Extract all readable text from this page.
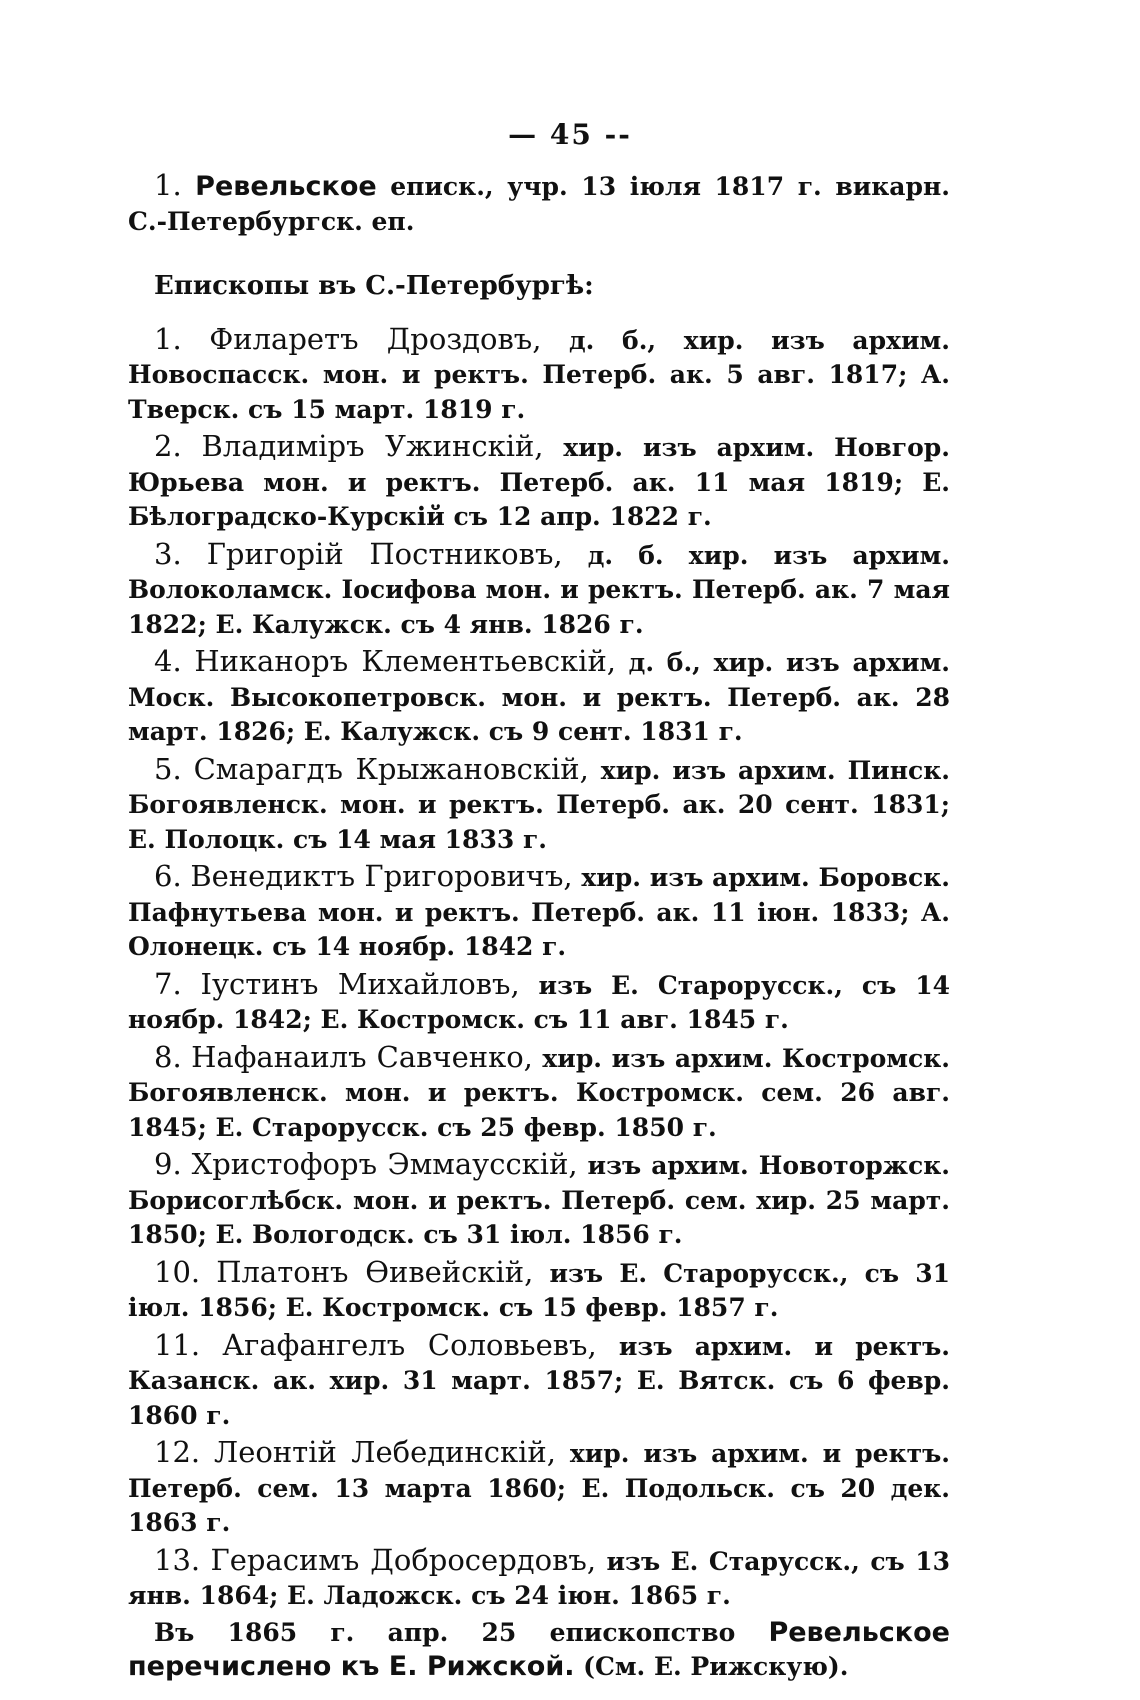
— 45 --

1. Ревельское еписк., учр. 13 іюля 1817 г. викарн. С.-Петербургск. еп.

Епископы въ С.-Петербургѣ:

1. Филаретъ Дроздовъ, д. б., хир. изъ архим. Новоспасск. мон. и ректъ. Петерб. ак. 5 авг. 1817; А. Тверск. съ 15 март. 1819 г.

2. Владиміръ Ужинскій, хир. изъ архим. Новгор. Юрьева мон. и ректъ. Петерб. ак. 11 мая 1819; Е. Бѣлоградско-Курскій съ 12 апр. 1822 г.

3. Григорій Постниковъ, д. б. хир. изъ архим. Волоколамск. Іосифова мон. и ректъ. Петерб. ак. 7 мая 1822; Е. Калужск. съ 4 янв. 1826 г.

4. Никаноръ Клементьевскій, д. б., хир. изъ архим. Моск. Высокопетровск. мон. и ректъ. Петерб. ак. 28 март. 1826; Е. Калужск. съ 9 сент. 1831 г.

5. Смарагдъ Крыжановскій, хир. изъ архим. Пинск. Богоявленск. мон. и ректъ. Петерб. ак. 20 сент. 1831; Е. Полоцк. съ 14 мая 1833 г.

6. Венедиктъ Григоровичъ, хир. изъ архим. Боровск. Пафнутьева мон. и ректъ. Петерб. ак. 11 іюн. 1833; А. Олонецк. съ 14 ноябр. 1842 г.

7. Іустинъ Михайловъ, изъ Е. Старорусск., съ 14 ноябр. 1842; Е. Костромск. съ 11 авг. 1845 г.

8. Нафанаилъ Савченко, хир. изъ архим. Костромск. Богоявленск. мон. и ректъ. Костромск. сем. 26 авг. 1845; Е. Старорусск. съ 25 февр. 1850 г.

9. Христофоръ Эммаусскій, изъ архим. Новоторжск. Борисоглѣбск. мон. и ректъ. Петерб. сем. хир. 25 март. 1850; Е. Вологодск. съ 31 іюл. 1856 г.

10. Платонъ Ѳивейскій, изъ Е. Старорусск., съ 31 іюл. 1856; Е. Костромск. съ 15 февр. 1857 г.

11. Агафангелъ Соловьевъ, изъ архим. и ректъ. Казанск. ак. хир. 31 март. 1857; Е. Вятск. съ 6 февр. 1860 г.

12. Леонтій Лебединскій, хир. изъ архим. и ректъ. Петерб. сем. 13 марта 1860; Е. Подольск. съ 20 дек. 1863 г.

13. Герасимъ Добросердовъ, изъ Е. Старусск., съ 13 янв. 1864; Е. Ладожск. съ 24 іюн. 1865 г.

Въ 1865 г. апр. 25 епископство Ревельское перечислено къ Е. Рижской. (См. Е. Рижскую).
